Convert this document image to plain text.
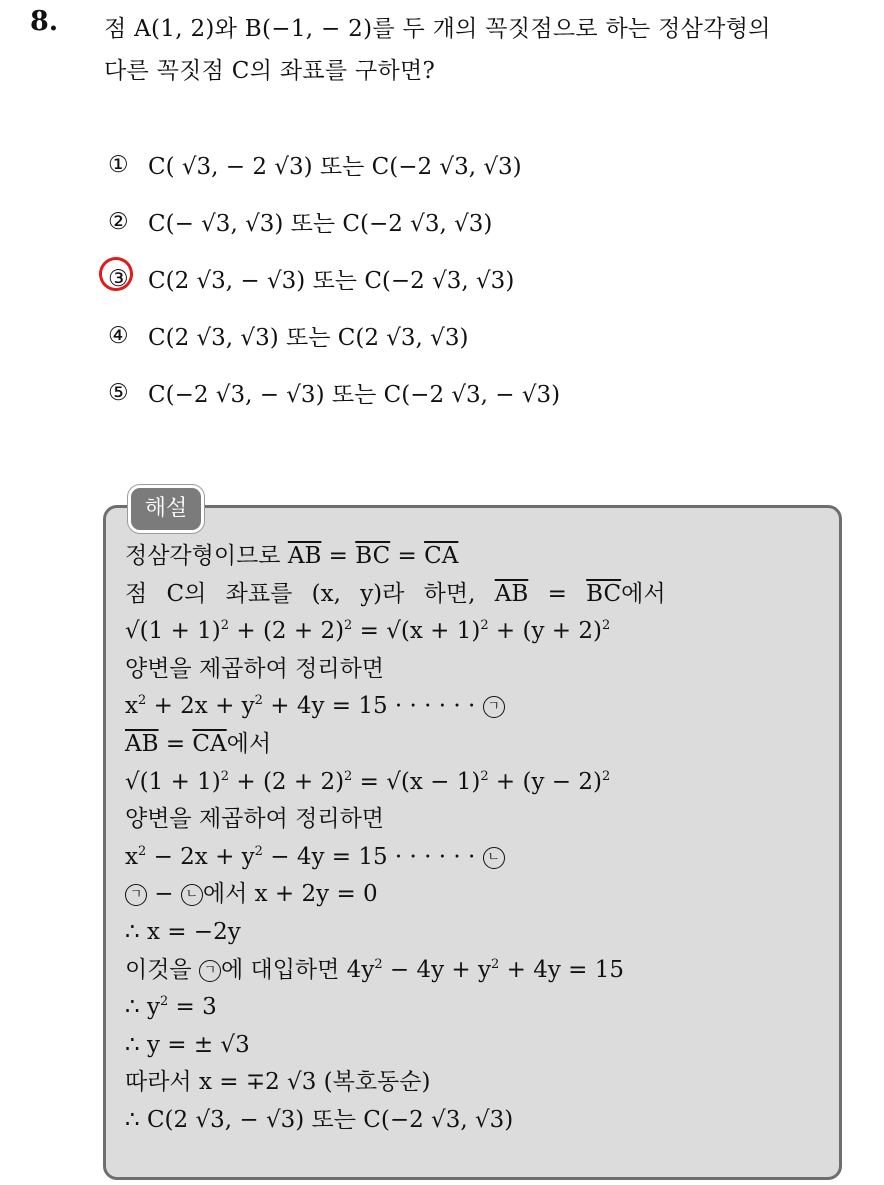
8. 점 A(1, 2)와 B(−1, − 2)를 두 개의 꼭짓점으로 하는 정삼각형의
다른 꼭짓점 C의 좌표를 구하면?
① C( √3, − 2 √3) 또는 C(−2 √3, √3)
② C(− √3, √3) 또는 C(−2 √3, √3)
③ C(2 √3, − √3) 또는 C(−2 √3, √3)
④ C(2 √3, √3) 또는 C(2 √3, √3)
⑤ C(−2 √3, − √3) 또는 C(−2 √3, − √3)
해설
정삼각형이므로 $\overline{AB} = \overline{BC} = \overline{CA}$
점 C의 좌표를 (x, y)라 하면, $\overline{AB} = \overline{BC}$에서
$√(1 + 1)^2 + (2 + 2)^2 = √(x + 1)^2 + (y + 2)^2$
양변을 제곱하여 정리하면
$x^2 + 2x + y^2 + 4y = 15$ · · · · · · ㄱ
$\overline{AB} = \overline{CA}$에서
$√(1 + 1)^2 + (2 + 2)^2 = √(x - 1)^2 + (y - 2)^2$
양변을 제곱하여 정리하면
$x^2 - 2x + y^2 - 4y = 15$ · · · · · · ㄴ
ㄱ − ㄴ 에서 x + 2y = 0
∴ x = −2y
이것을 ㄱ 에 대입하면 $4y^2 - 4y + y^2 + 4y = 15$
∴ $y^2 = 3$
∴ y = ± √3
따라서 x = ∓2 √3 (복호동순)
∴ C(2 √3, − √3) 또는 C(−2 √3, √3)
